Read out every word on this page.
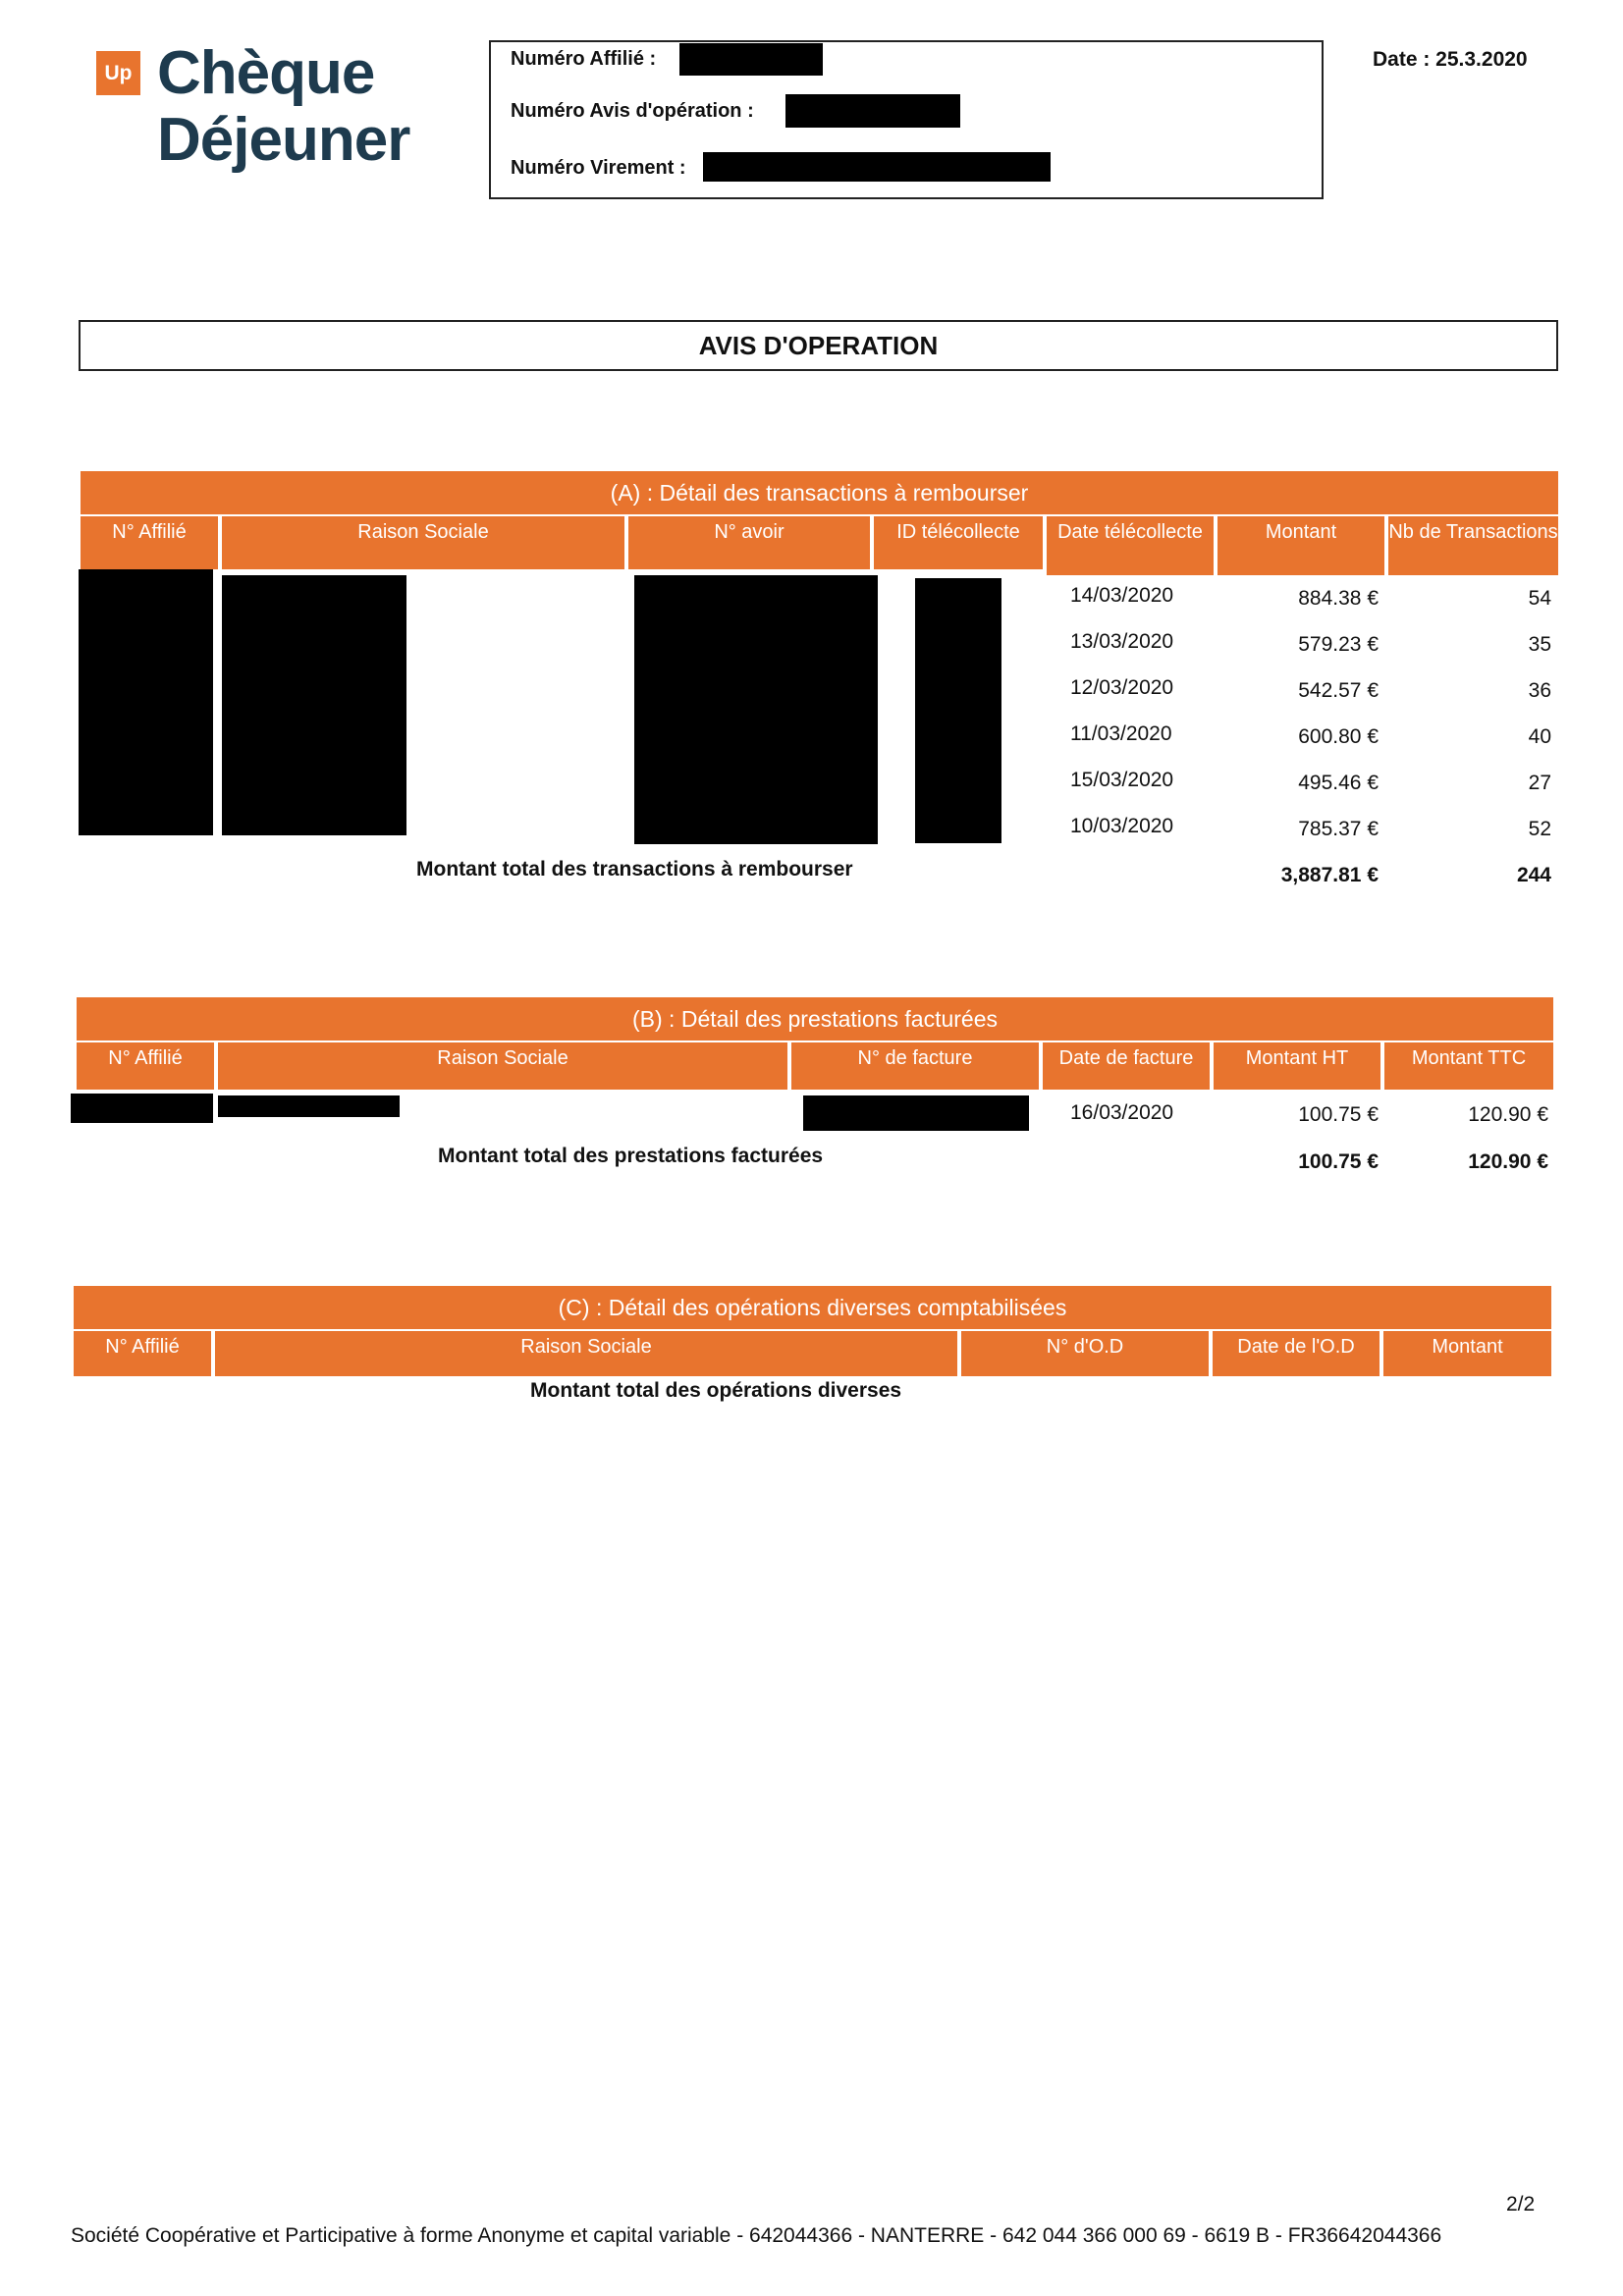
Up Chèque
Déjeuner
Numéro Affilié :
Numéro Avis d'opération :
Numéro Virement :
Date : 25.3.2020
AVIS D'OPERATION
(A) : Détail des transactions à rembourser
N° Affilié	Raison Sociale	N° avoir	ID télécollecte	Date télécollecte	Montant	Nb de Transactions
14/03/2020	884.38 €	54
13/03/2020	579.23 €	35
12/03/2020	542.57 €	36
11/03/2020	600.80 €	40
15/03/2020	495.46 €	27
10/03/2020	785.37 €	52
Montant total des transactions à rembourser	3,887.81 €	244
(B) : Détail des prestations facturées
N° Affilié	Raison Sociale	N° de facture	Date de facture	Montant HT	Montant TTC
16/03/2020	100.75 €	120.90 €
Montant total des prestations facturées	100.75 €	120.90 €
(C) : Détail des opérations diverses comptabilisées
N° Affilié	Raison Sociale	N° d'O.D	Date de l'O.D	Montant
Montant total des opérations diverses
2/2
Société Coopérative et Participative à forme Anonyme et capital variable - 642044366 - NANTERRE - 642 044 366 000 69 - 6619 B - FR36642044366
